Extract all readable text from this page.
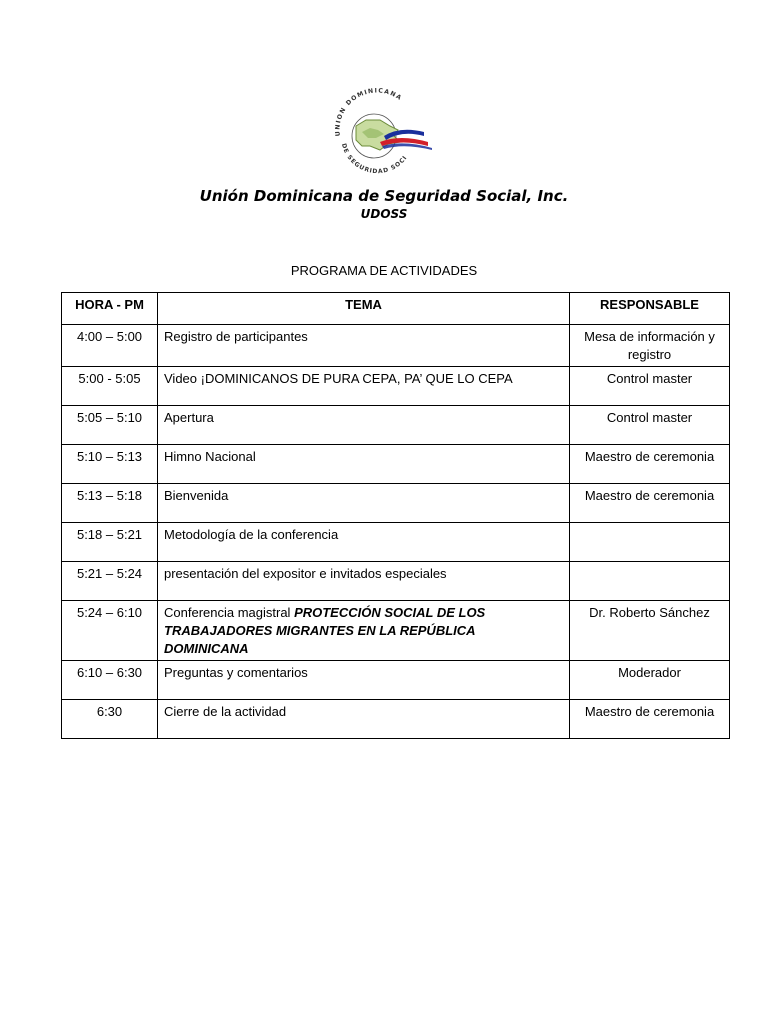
UNION DOMINICANA
DE SEGURIDAD SOCI
Unión Dominicana de Seguridad Social, Inc.
UDOSS
PROGRAMA DE ACTIVIDADES
HORA - PM	TEMA	RESPONSABLE
4:00 – 5:00	Registro de participantes	Mesa de información y registro
5:00 - 5:05	Video ¡DOMINICANOS DE PURA CEPA, PA’ QUE LO CEPA	Control master
5:05 – 5:10	Apertura	Control master
5:10 – 5:13	Himno Nacional	Maestro de ceremonia
5:13 – 5:18	Bienvenida	Maestro de ceremonia
5:18 – 5:21	Metodología de la conferencia	
5:21 – 5:24	presentación del expositor e invitados especiales	
5:24 – 6:10	Conferencia magistral PROTECCIÓN SOCIAL DE LOS TRABAJADORES MIGRANTES EN LA REPÚBLICA DOMINICANA	Dr. Roberto Sánchez
6:10 – 6:30	Preguntas y comentarios	Moderador
6:30	Cierre de la actividad	Maestro de ceremonia
